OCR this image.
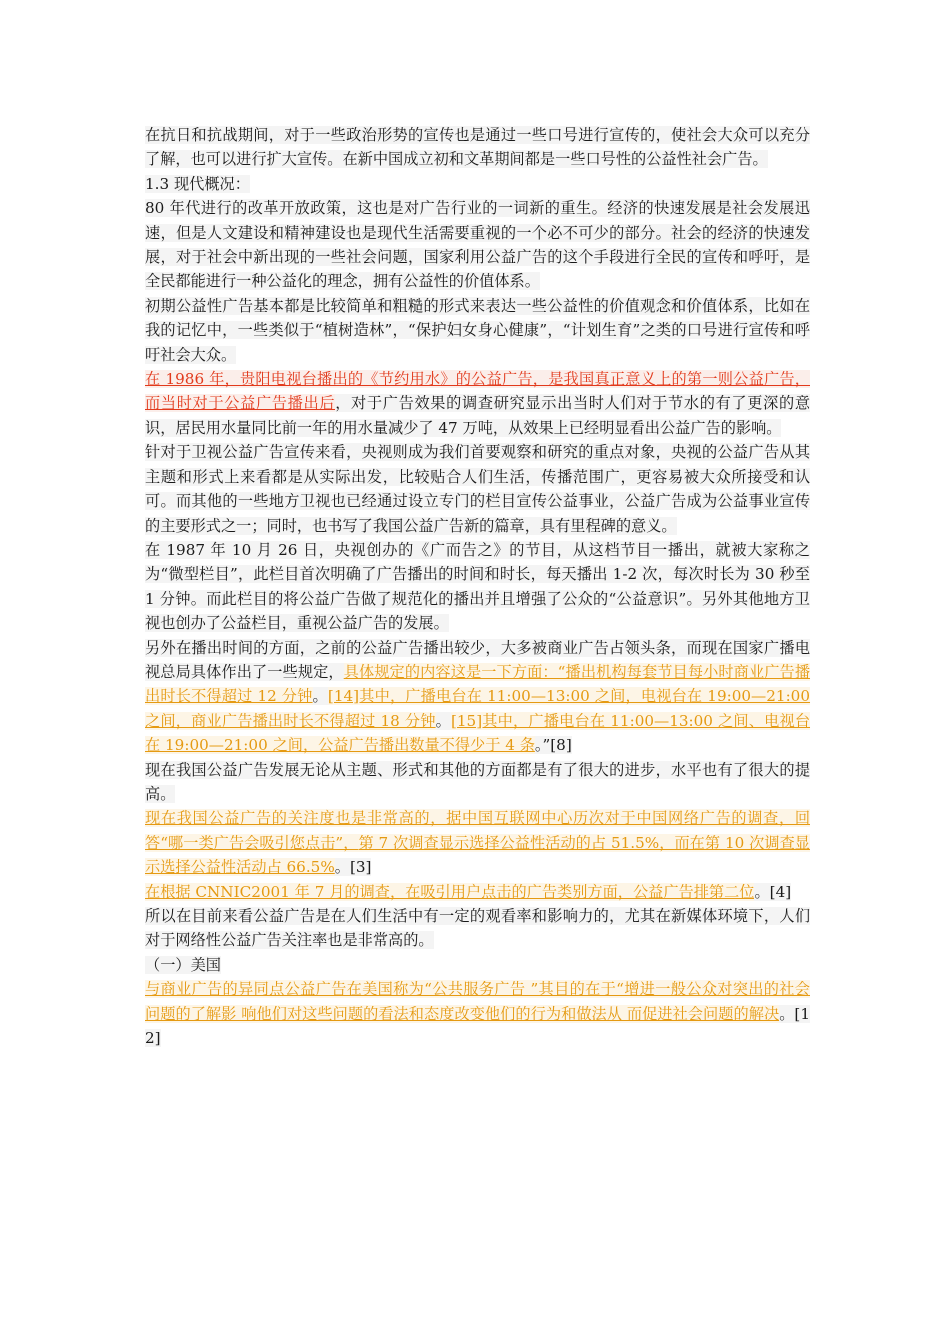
在抗日和抗战期间，对于一些政治形势的宣传也是通过一些口号进行宣传的，使社会大众可以充分了解，也可以进行扩大宣传。在新中国成立初和文革期间都是一些口号性的公益性社会广告。

1.3 现代概况：

80 年代进行的改革开放政策，这也是对广告行业的一词新的重生。经济的快速发展是社会发展迅速，但是人文建设和精神建设也是现代生活需要重视的一个必不可少的部分。社会的经济的快速发展，对于社会中新出现的一些社会问题，国家利用公益广告的这个手段进行全民的宣传和呼吁，是全民都能进行一种公益化的理念，拥有公益性的价值体系。

初期公益性广告基本都是比较简单和粗糙的形式来表达一些公益性的价值观念和价值体系，比如在我的记忆中，一些类似于“植树造林”，“保护妇女身心健康”，“计划生育”之类的口号进行宣传和呼吁社会大众。

在 1986 年，贵阳电视台播出的《节约用水》的公益广告，是我国真正意义上的第一则公益广告，而当时对于公益广告播出后，对于广告效果的调查研究显示出当时人们对于节水的有了更深的意识，居民用水量同比前一年的用水量减少了 47 万吨，从效果上已经明显看出公益广告的影响。

针对于卫视公益广告宣传来看，央视则成为我们首要观察和研究的重点对象，央视的公益广告从其主题和形式上来看都是从实际出发，比较贴合人们生活，传播范围广，更容易被大众所接受和认可。而其他的一些地方卫视也已经通过设立专门的栏目宣传公益事业，公益广告成为公益事业宣传的主要形式之一；同时，也书写了我国公益广告新的篇章，具有里程碑的意义。

在 1987 年 10 月 26 日，央视创办的《广而告之》的节目，从这档节目一播出，就被大家称之为“微型栏目”，此栏目首次明确了广告播出的时间和时长，每天播出 1-2 次，每次时长为 30 秒至 1 分钟。而此栏目的将公益广告做了规范化的播出并且增强了公众的“公益意识”。另外其他地方卫视也创办了公益栏目，重视公益广告的发展。

另外在播出时间的方面，之前的公益广告播出较少，大多被商业广告占领头条，而现在国家广播电视总局具体作出了一些规定，具体规定的内容这是一下方面：“播出机构每套节目每小时商业广告播出时长不得超过 12 分钟。[14]其中，广播电台在 11:00—13:00 之间，电视台在 19:00—21:00 之间，商业广告播出时长不得超过 18 分钟。[15]其中，广播电台在 11:00—13:00 之间、电视台在 19:00—21:00 之间，公益广告播出数量不得少于 4 条。”[8]

现在我国公益广告发展无论从主题、形式和其他的方面都是有了很大的进步，水平也有了很大的提高。

现在我国公益广告的关注度也是非常高的，据中国互联网中心历次对于中国网络广告的调查，回答“哪一类广告会吸引您点击”，第 7 次调查显示选择公益性活动的占 51.5%，而在第 10 次调查显示选择公益性活动占 66.5%。[3]

在根据 CNNIC2001 年 7 月的调查，在吸引用户点击的广告类别方面，公益广告排第二位。[4]

所以在目前来看公益广告是在人们生活中有一定的观看率和影响力的，尤其在新媒体环境下，人们对于网络性公益广告关注率也是非常高的。

（一）美国

与商业广告的异同点公益广告在美国称为“公共服务广告 ”其目的在于“增进一般公众对突出的社会问题的了解影 响他们对这些问题的看法和态度改变他们的行为和做法从 而促进社会问题的解决。[12]
